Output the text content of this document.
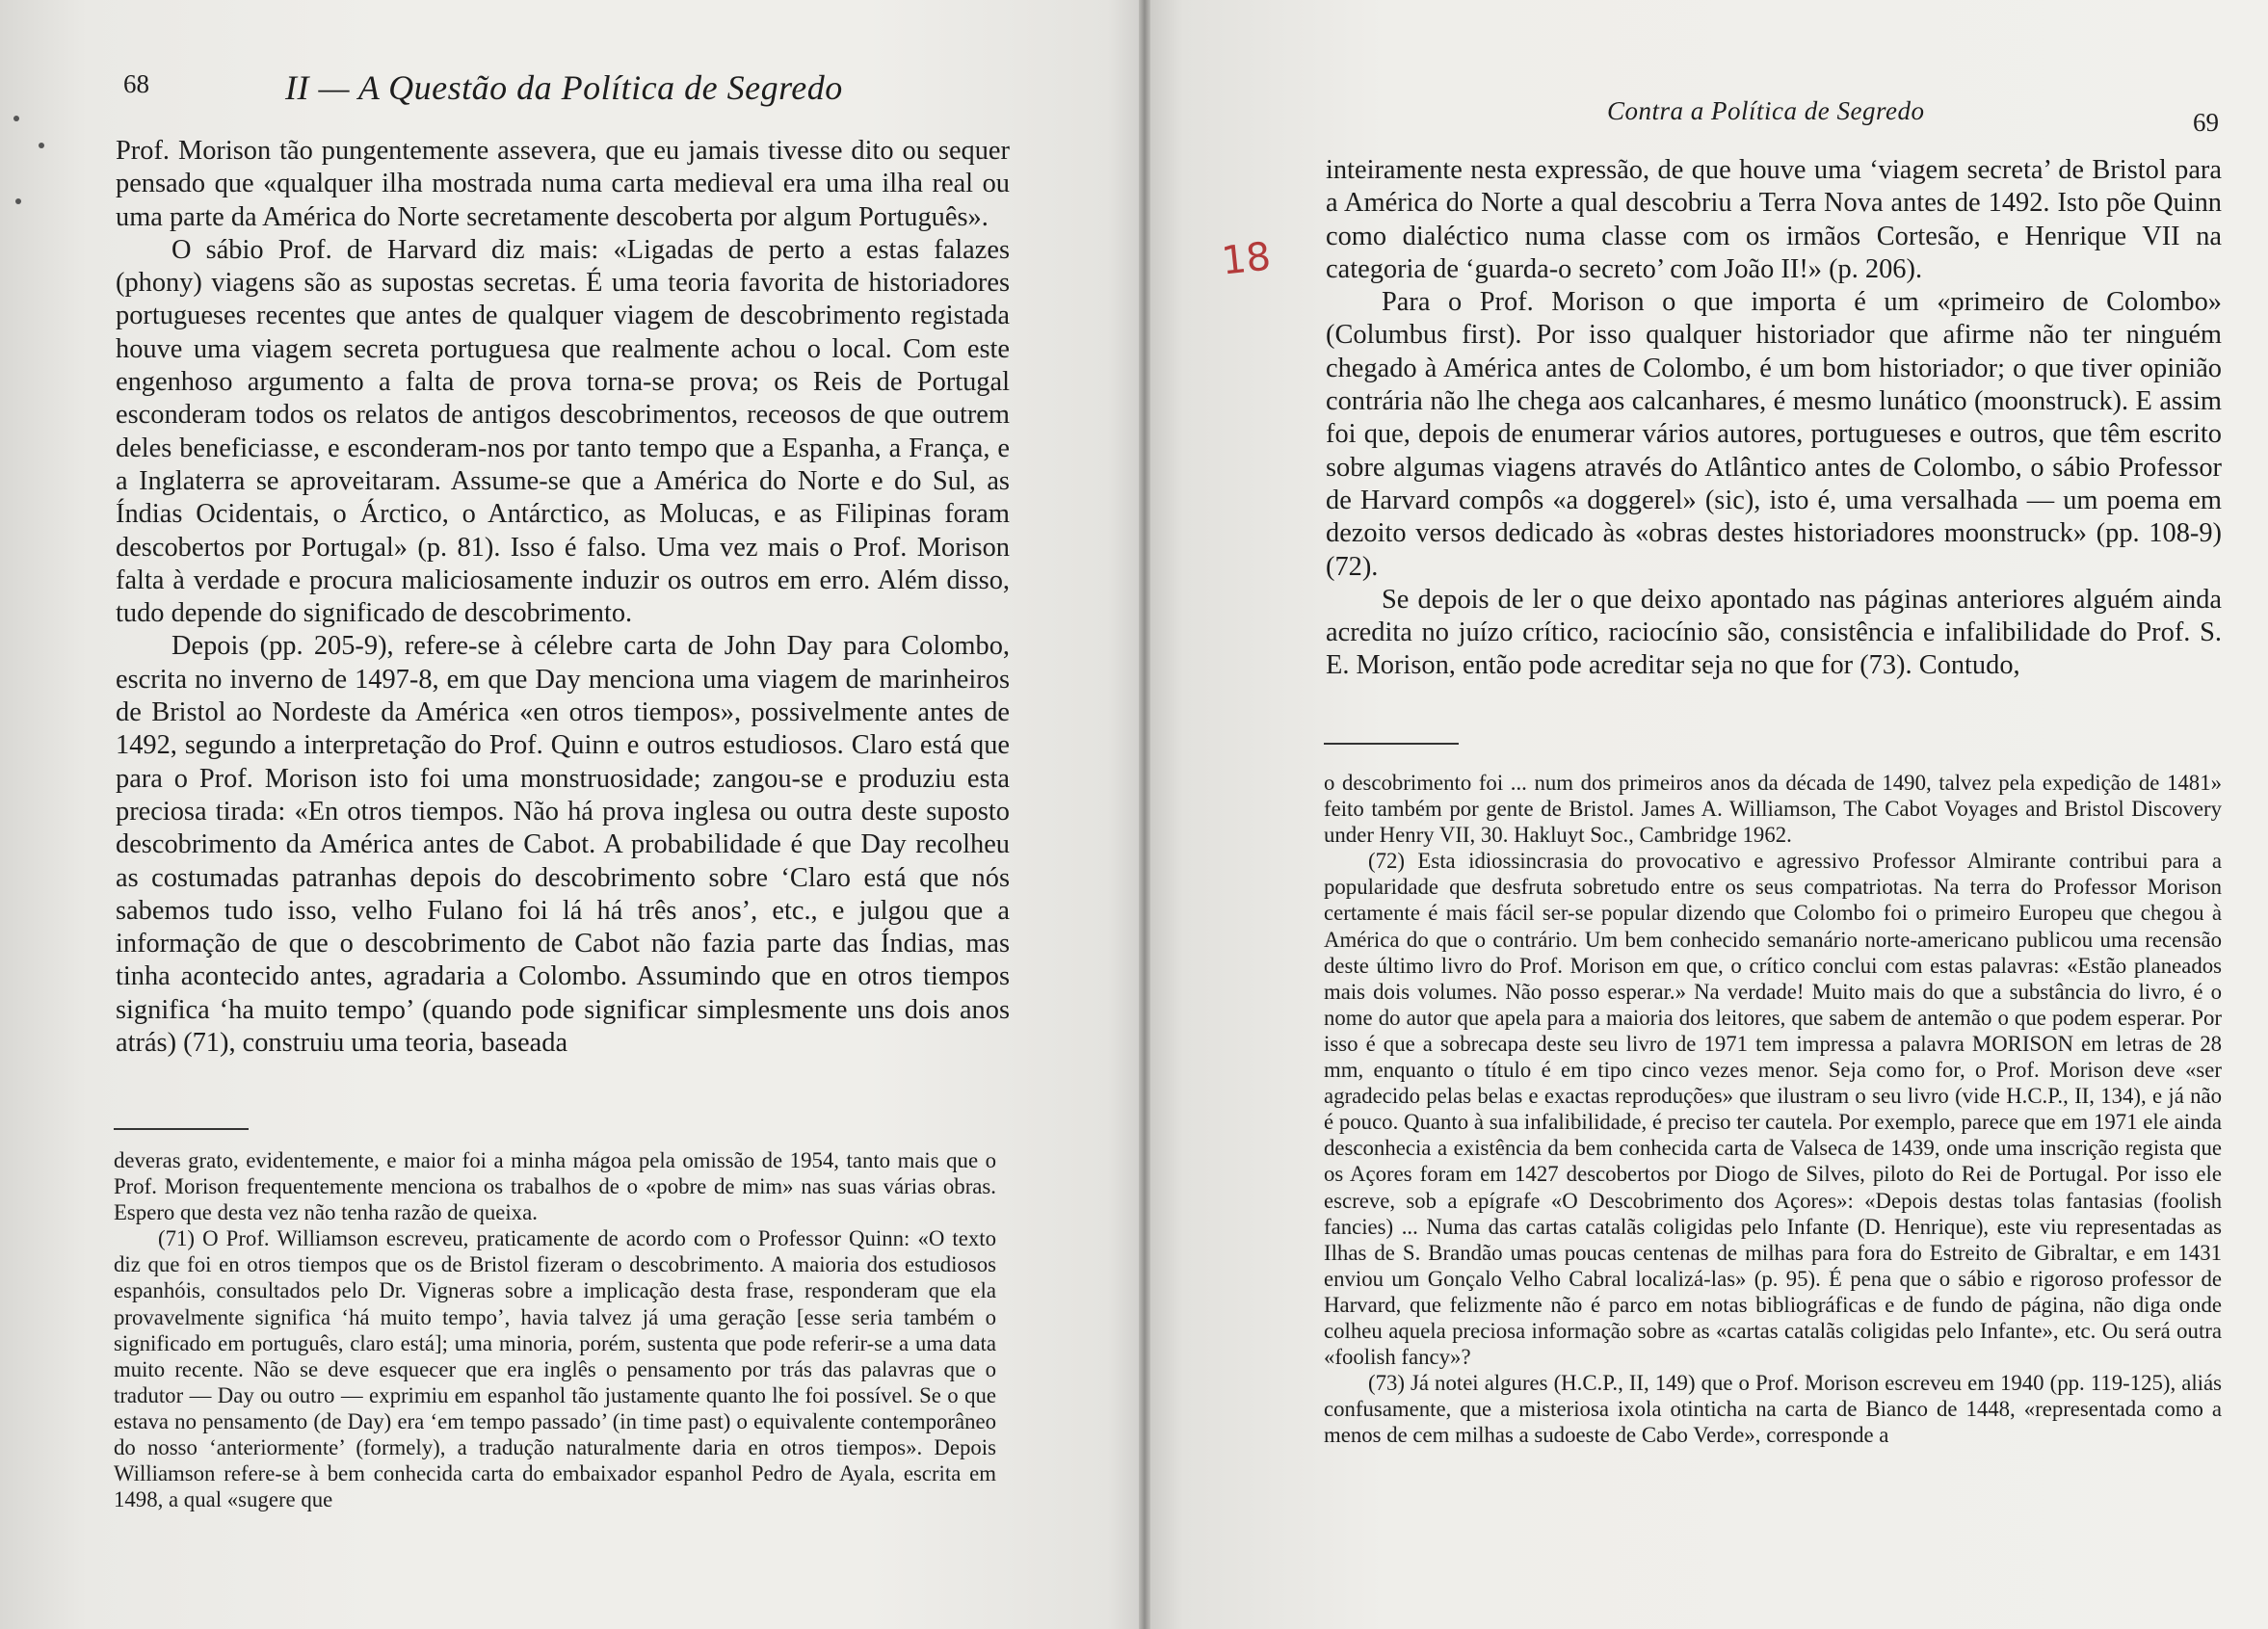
68	II — A Questão da Política de Segredo

Prof. Morison tão pungentemente assevera, que eu jamais tivesse dito ou sequer pensado que «qualquer ilha mostrada numa carta medieval era uma ilha real ou uma parte da América do Norte secretamente descoberta por algum Português».

O sábio Prof. de Harvard diz mais: «Ligadas de perto a estas falazes (phony) viagens são as supostas secretas. É uma teoria favorita de historiadores portugueses recentes que antes de qualquer viagem de descobrimento registada houve uma viagem secreta portuguesa que realmente achou o local. Com este engenhoso argumento a falta de prova torna-se prova; os Reis de Portugal esconderam todos os relatos de antigos descobrimentos, receosos de que outrem deles beneficiasse, e esconderam-nos por tanto tempo que a Espanha, a França, e a Inglaterra se aproveitaram. Assume-se que a América do Norte e do Sul, as Índias Ocidentais, o Árctico, o Antárctico, as Molucas, e as Filipinas foram descobertos por Portugal» (p. 81). Isso é falso. Uma vez mais o Prof. Morison falta à verdade e procura maliciosamente induzir os outros em erro. Além disso, tudo depende do significado de descobrimento.

Depois (pp. 205-9), refere-se à célebre carta de John Day para Colombo, escrita no inverno de 1497-8, em que Day menciona uma viagem de marinheiros de Bristol ao Nordeste da América «en otros tiempos», possivelmente antes de 1492, segundo a interpretação do Prof. Quinn e outros estudiosos. Claro está que para o Prof. Morison isto foi uma monstruosidade; zangou-se e produziu esta preciosa tirada: «En otros tiempos. Não há prova inglesa ou outra deste suposto descobrimento da América antes de Cabot. A probabilidade é que Day recolheu as costumadas patranhas depois do descobrimento sobre ‘Claro está que nós sabemos tudo isso, velho Fulano foi lá há três anos’, etc., e julgou que a informação de que o descobrimento de Cabot não fazia parte das Índias, mas tinha acontecido antes, agradaria a Colombo. Assumindo que en otros tiempos significa ‘ha muito tempo’ (quando pode significar simplesmente uns dois anos atrás) (71), construiu uma teoria, baseada

deveras grato, evidentemente, e maior foi a minha mágoa pela omissão de 1954, tanto mais que o Prof. Morison frequentemente menciona os trabalhos de o «pobre de mim» nas suas várias obras. Espero que desta vez não tenha razão de queixa.

(71) O Prof. Williamson escreveu, praticamente de acordo com o Professor Quinn: «O texto diz que foi en otros tiempos que os de Bristol fizeram o descobrimento. A maioria dos estudiosos espanhóis, consultados pelo Dr. Vigneras sobre a implicação desta frase, responderam que ela provavelmente significa ‘há muito tempo’, havia talvez já uma geração [esse seria também o significado em português, claro está]; uma minoria, porém, sustenta que pode referir-se a uma data muito recente. Não se deve esquecer que era inglês o pensamento por trás das palavras que o tradutor — Day ou outro — exprimiu em espanhol tão justamente quanto lhe foi possível. Se o que estava no pensamento (de Day) era ‘em tempo passado’ (in time past) o equivalente contemporâneo do nosso ‘anteriormente’ (formely), a tradução naturalmente daria en otros tiempos». Depois Williamson refere-se à bem conhecida carta do embaixador espanhol Pedro de Ayala, escrita em 1498, a qual «sugere que

Contra a Política de Segredo	69
18

inteiramente nesta expressão, de que houve uma ‘viagem secreta’ de Bristol para a América do Norte a qual descobriu a Terra Nova antes de 1492. Isto põe Quinn como dialéctico numa classe com os irmãos Cortesão, e Henrique VII na categoria de ‘guarda-o secreto’ com João II!» (p. 206).

Para o Prof. Morison o que importa é um «primeiro de Colombo» (Columbus first). Por isso qualquer historiador que afirme não ter ninguém chegado à América antes de Colombo, é um bom historiador; o que tiver opinião contrária não lhe chega aos calcanhares, é mesmo lunático (moonstruck). E assim foi que, depois de enumerar vários autores, portugueses e outros, que têm escrito sobre algumas viagens através do Atlântico antes de Colombo, o sábio Professor de Harvard compôs «a doggerel» (sic), isto é, uma versalhada — um poema em dezoito versos dedicado às «obras destes historiadores moonstruck» (pp. 108-9) (72).

Se depois de ler o que deixo apontado nas páginas anteriores alguém ainda acredita no juízo crítico, raciocínio são, consistência e infalibilidade do Prof. S. E. Morison, então pode acreditar seja no que for (73). Contudo,

o descobrimento foi ... num dos primeiros anos da década de 1490, talvez pela expedição de 1481» feito também por gente de Bristol. James A. Williamson, The Cabot Voyages and Bristol Discovery under Henry VII, 30. Hakluyt Soc., Cambridge 1962.

(72) Esta idiossincrasia do provocativo e agressivo Professor Almirante contribui para a popularidade que desfruta sobretudo entre os seus compatriotas. Na terra do Professor Morison certamente é mais fácil ser-se popular dizendo que Colombo foi o primeiro Europeu que chegou à América do que o contrário. Um bem conhecido semanário norte-americano publicou uma recensão deste último livro do Prof. Morison em que, o crítico conclui com estas palavras: «Estão planeados mais dois volumes. Não posso esperar.» Na verdade! Muito mais do que a substância do livro, é o nome do autor que apela para a maioria dos leitores, que sabem de antemão o que podem esperar. Por isso é que a sobrecapa deste seu livro de 1971 tem impressa a palavra MORISON em letras de 28 mm, enquanto o título é em tipo cinco vezes menor. Seja como for, o Prof. Morison deve «ser agradecido pelas belas e exactas reproduções» que ilustram o seu livro (vide H.C.P., II, 134), e já não é pouco. Quanto à sua infalibilidade, é preciso ter cautela. Por exemplo, parece que em 1971 ele ainda desconhecia a existência da bem conhecida carta de Valseca de 1439, onde uma inscrição regista que os Açores foram em 1427 descobertos por Diogo de Silves, piloto do Rei de Portugal. Por isso ele escreve, sob a epígrafe «O Descobrimento dos Açores»: «Depois destas tolas fantasias (foolish fancies) ... Numa das cartas catalãs coligidas pelo Infante (D. Henrique), este viu representadas as Ilhas de S. Brandão umas poucas centenas de milhas para fora do Estreito de Gibraltar, e em 1431 enviou um Gonçalo Velho Cabral localizá-las» (p. 95). É pena que o sábio e rigoroso professor de Harvard, que felizmente não é parco em notas bibliográficas e de fundo de página, não diga onde colheu aquela preciosa informação sobre as «cartas catalãs coligidas pelo Infante», etc. Ou será outra «foolish fancy»?

(73) Já notei algures (H.C.P., II, 149) que o Prof. Morison escreveu em 1940 (pp. 119-125), aliás confusamente, que a misteriosa ixola otinticha na carta de Bianco de 1448, «representada como a menos de cem milhas a sudoeste de Cabo Verde», corresponde a
